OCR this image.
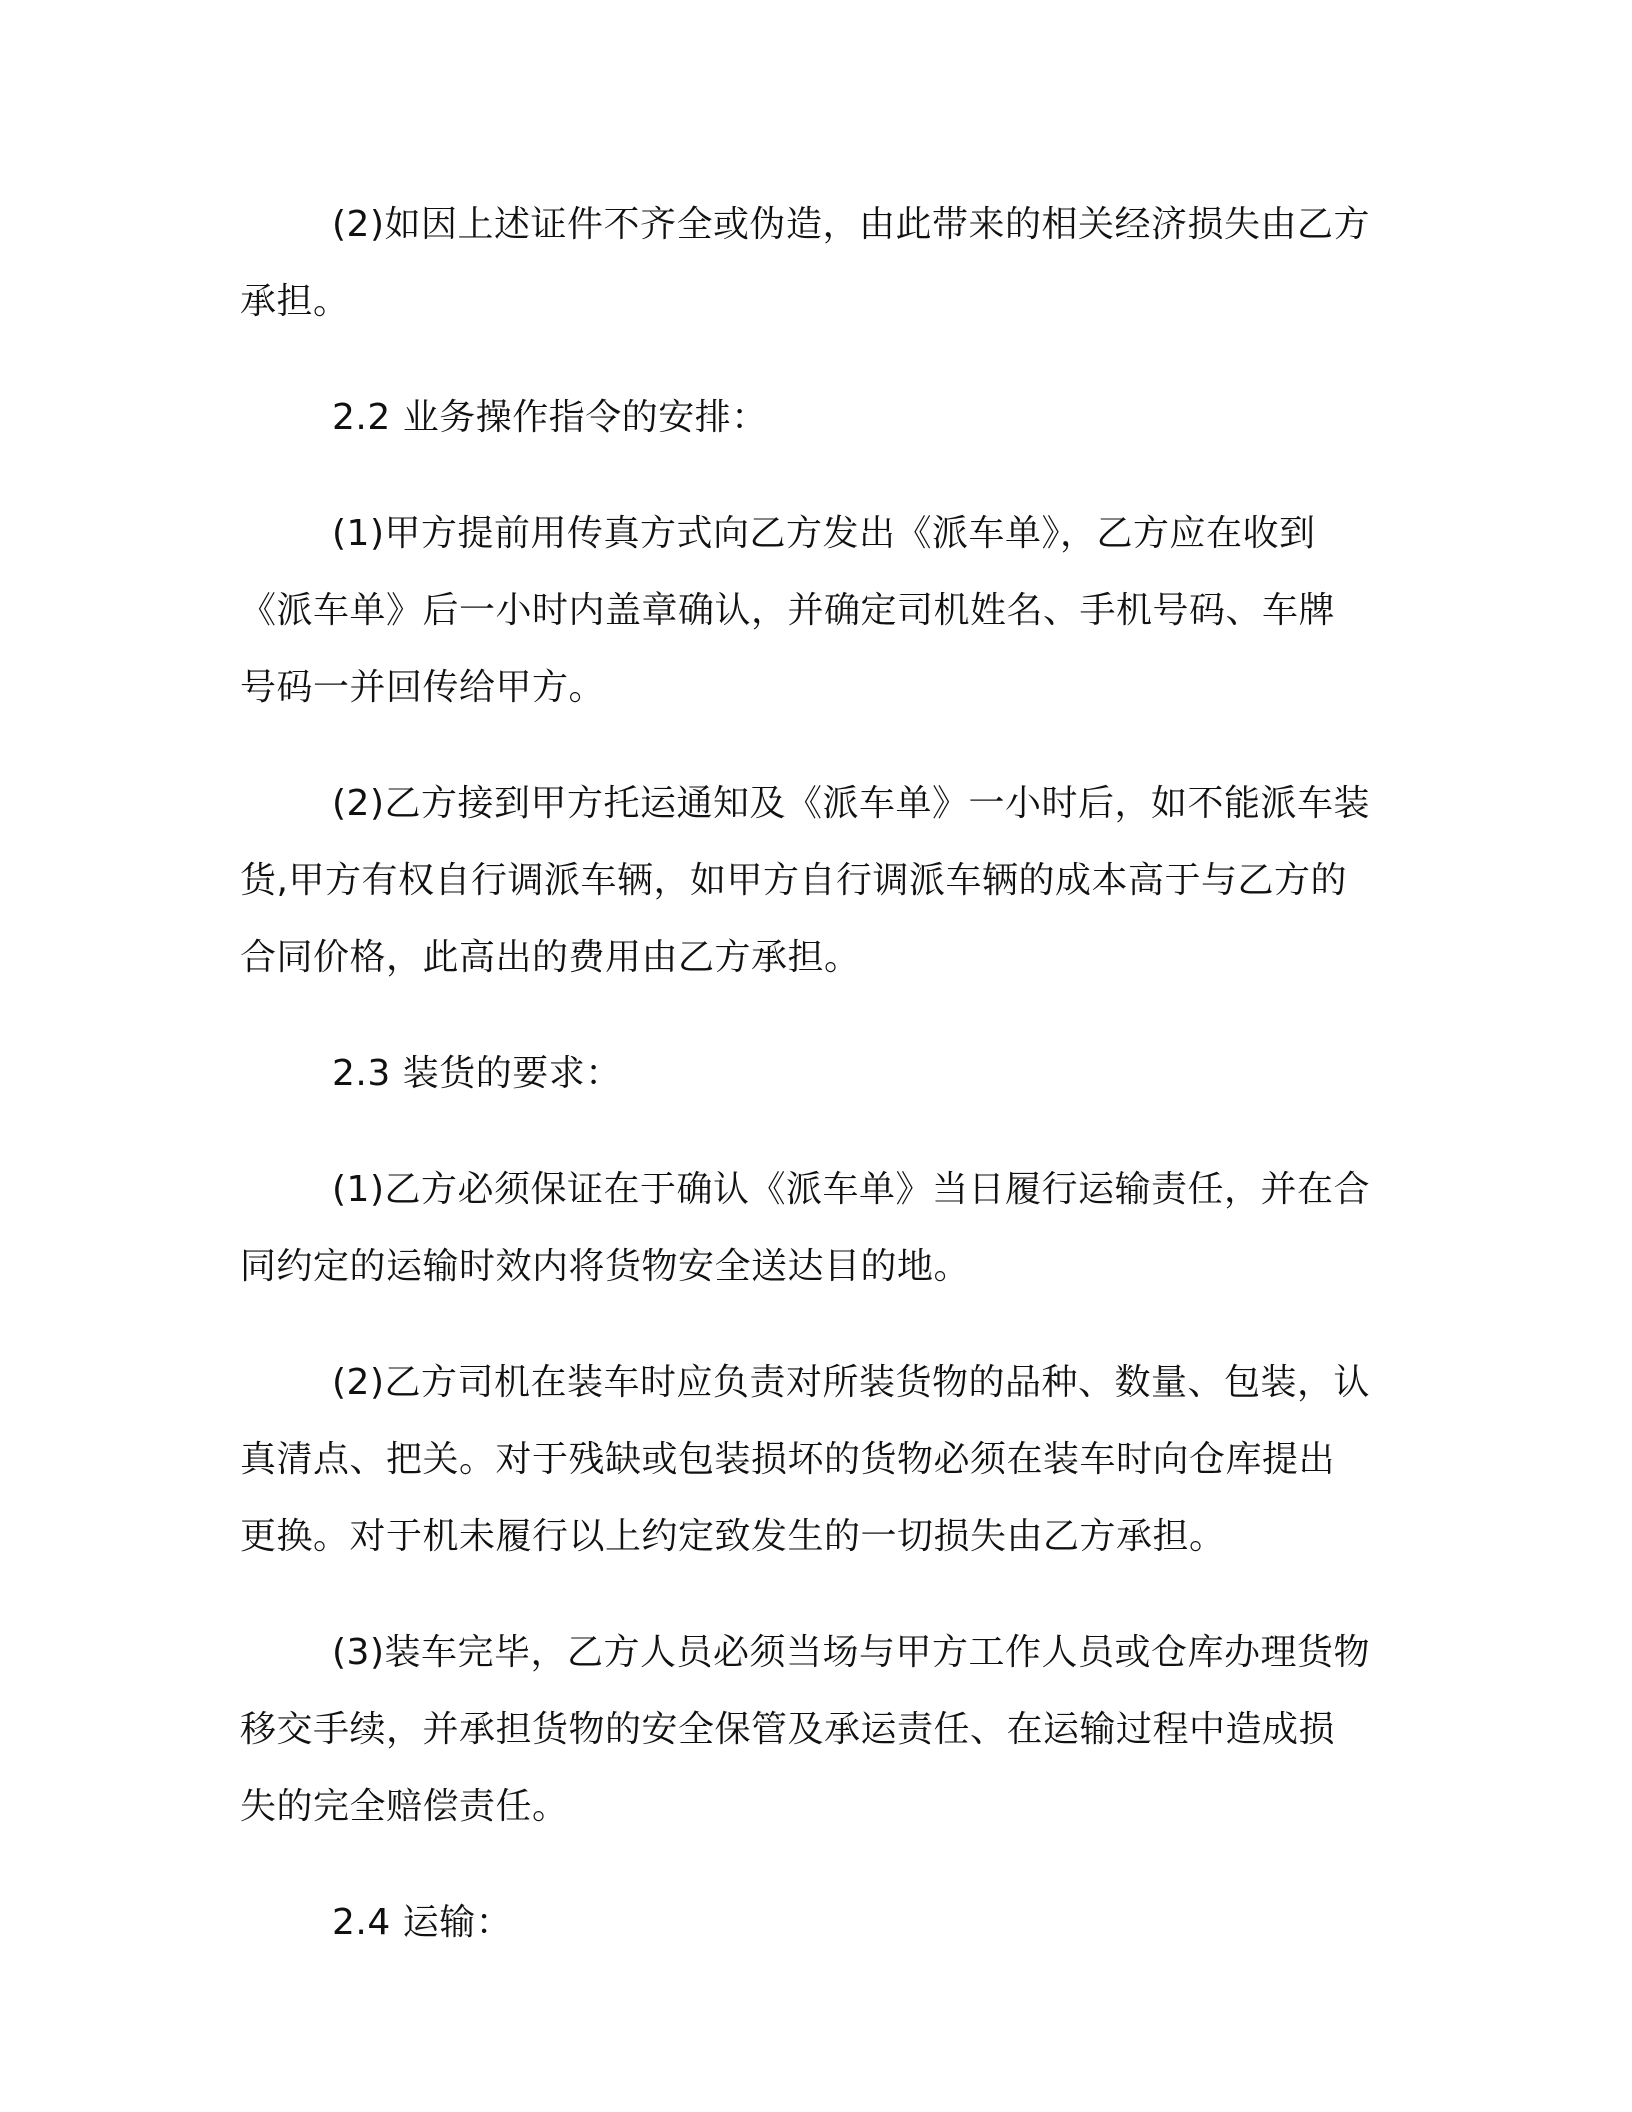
(2)如因上述证件不齐全或伪造，由此带来的相关经济损失由乙方
承担。

2.2 业务操作指令的安排：

(1)甲方提前用传真方式向乙方发出《派车单》，乙方应在收到
《派车单》后一小时内盖章确认，并确定司机姓名、手机号码、车牌
号码一并回传给甲方。

(2)乙方接到甲方托运通知及《派车单》一小时后，如不能派车装
货,甲方有权自行调派车辆，如甲方自行调派车辆的成本高于与乙方的
合同价格，此高出的费用由乙方承担。

2.3 装货的要求：

(1)乙方必须保证在于确认《派车单》当日履行运输责任，并在合
同约定的运输时效内将货物安全送达目的地。

(2)乙方司机在装车时应负责对所装货物的品种、数量、包装，认
真清点、把关。对于残缺或包装损坏的货物必须在装车时向仓库提出
更换。对于机未履行以上约定致发生的一切损失由乙方承担。

(3)装车完毕，乙方人员必须当场与甲方工作人员或仓库办理货物
移交手续，并承担货物的安全保管及承运责任、在运输过程中造成损
失的完全赔偿责任。

2.4 运输：
